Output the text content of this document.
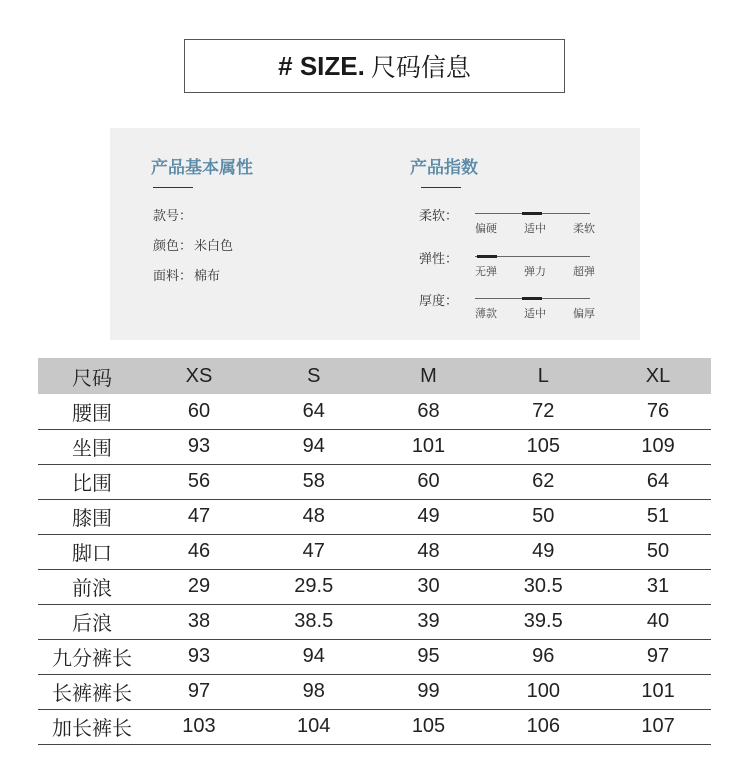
# SIZE. 尺码信息
产品基本属性
款号：
颜色： 米白色
面料： 棉布
产品指数
柔软：
偏硬 适中 柔软
弹性：
无弹 弹力 超弹
厚度：
薄款 适中 偏厚
尺码	XS	S	M	L	XL
腰围	60	64	68	72	76
坐围	93	94	101	105	109
比围	56	58	60	62	64
膝围	47	48	49	50	51
脚口	46	47	48	49	50
前浪	29	29.5	30	30.5	31
后浪	38	38.5	39	39.5	40
九分裤长	93	94	95	96	97
长裤裤长	97	98	99	100	101
加长裤长	103	104	105	106	107
